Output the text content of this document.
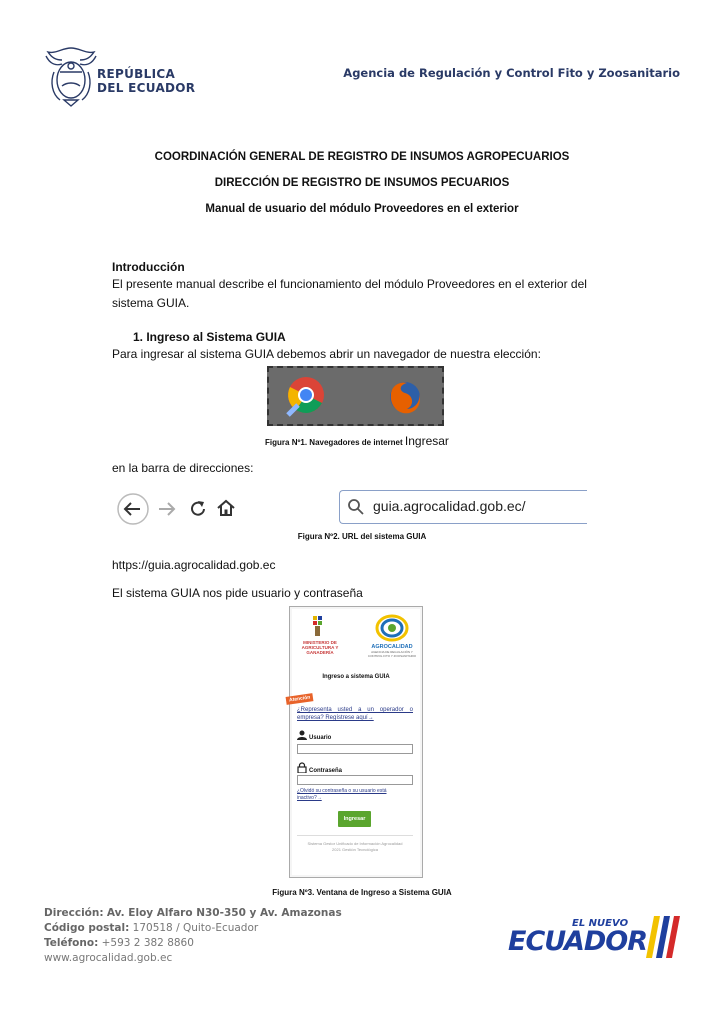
REPÚBLICA
DEL ECUADOR
Agencia de Regulación y Control Fito y Zoosanitario
COORDINACIÓN GENERAL DE REGISTRO DE INSUMOS AGROPECUARIOS
DIRECCIÓN DE REGISTRO DE INSUMOS PECUARIOS
Manual de usuario del módulo Proveedores en el exterior
Introducción
El presente manual describe el funcionamiento del módulo Proveedores en el exterior del sistema GUIA.
1. Ingreso al Sistema GUIA
Para ingresar al sistema GUIA debemos abrir un navegador de nuestra elección:
Figura Nº1. Navegadores de internet Ingresar
en la barra de direcciones:
guia.agrocalidad.gob.ec/
Figura Nº2. URL del sistema GUIA
https://guia.agrocalidad.gob.ec
El sistema GUIA nos pide usuario y contraseña
MINISTERIO DE AGRICULTURA Y GANADERÍA
AGROCALIDAD
AGENCIA DE REGULACIÓN Y CONTROL FITO Y ZOOSANITARIO
Ingreso a sistema GUIA
Atención
¿Representa usted a un operador o empresa? Regístrese aquí→
Usuario
Contraseña
¿Olvidó su contraseña o su usuario está inactivo?→
Ingresar
Sistema Gestor Unificado de Información Agrocalidad 2021 Gestión Tecnológica
Figura Nº3. Ventana de Ingreso a Sistema GUIA
Dirección: Av. Eloy Alfaro N30-350 y Av. Amazonas
Código postal: 170518 / Quito-Ecuador
Teléfono: +593 2 382 8860
www.agrocalidad.gob.ec
EL NUEVO
ECUADOR
